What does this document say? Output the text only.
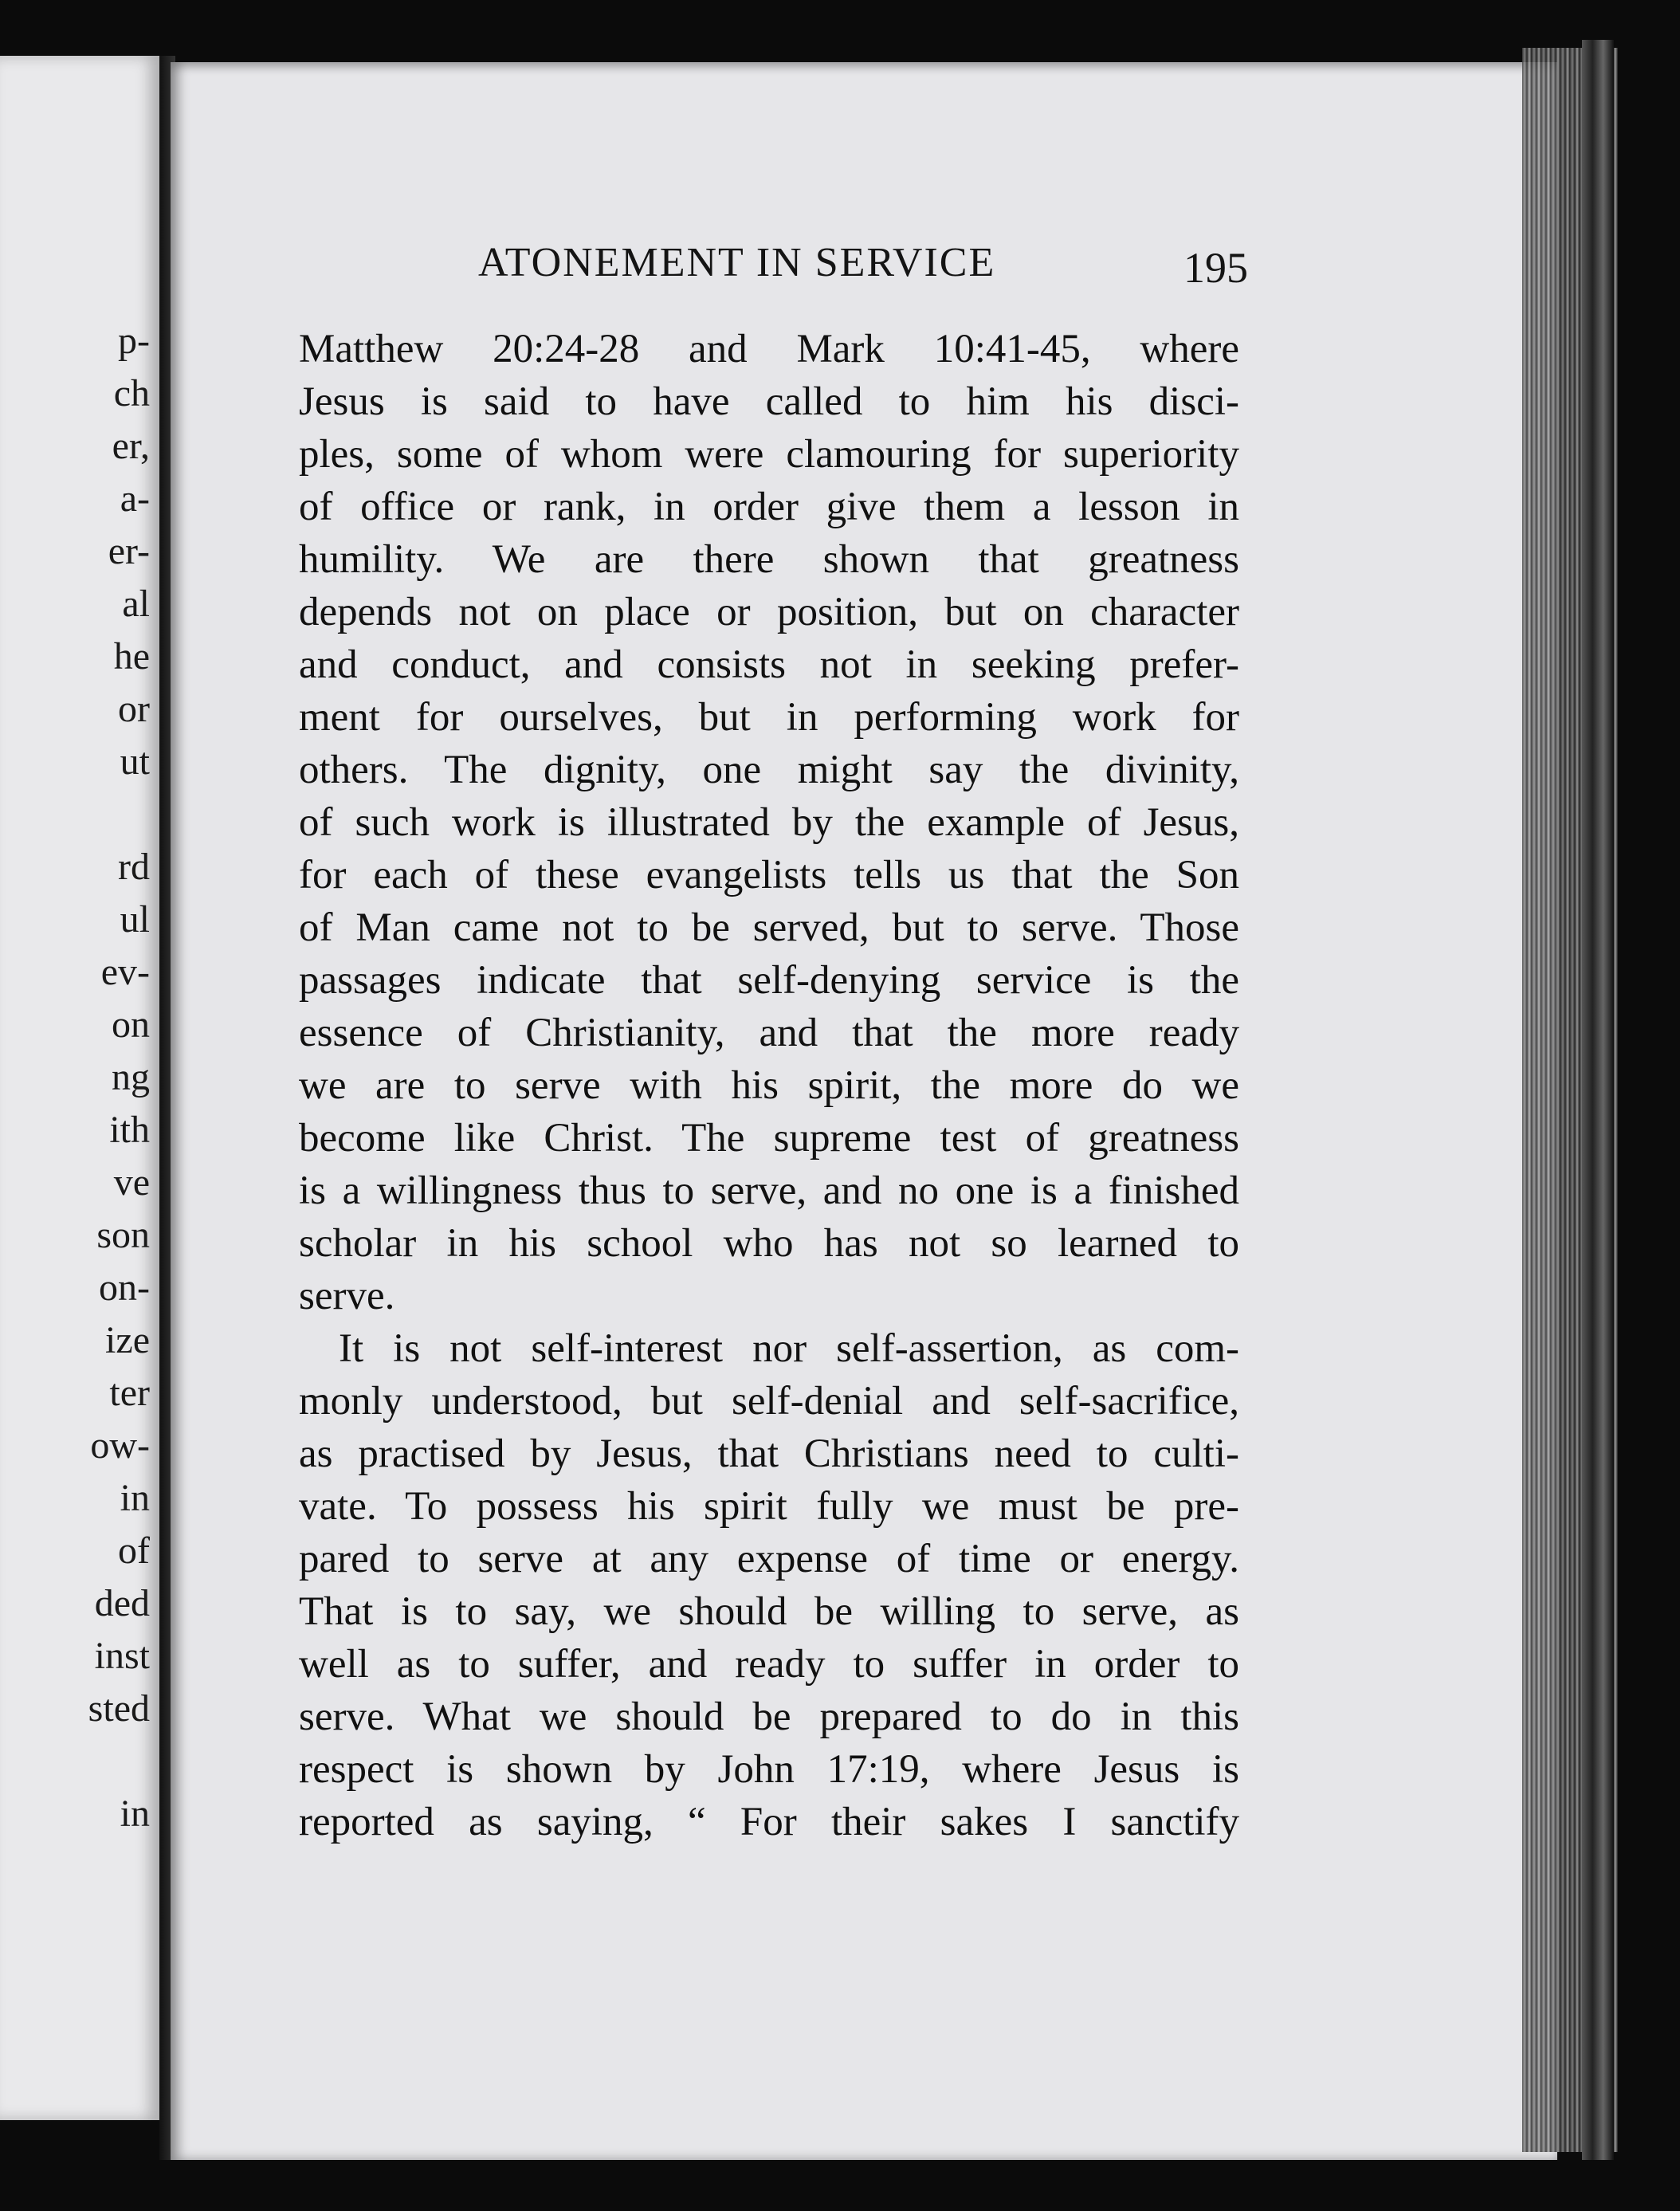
p-
ch
er,
a-
er-
al
he
or
ut
rd
ul
ev-
on
ng
ith
ve
son
on-
ize
ter
ow-
in
of
ded
inst
sted
in
ATONEMENT IN SERVICE	195
Matthew 20:24-28 and Mark 10:41-45, where
Jesus is said to have called to him his disci-
ples, some of whom were clamouring for superiority
of office or rank, in order give them a lesson in
humility. We are there shown that greatness
depends not on place or position, but on character
and conduct, and consists not in seeking prefer-
ment for ourselves, but in performing work for
others. The dignity, one might say the divinity,
of such work is illustrated by the example of Jesus,
for each of these evangelists tells us that the Son
of Man came not to be served, but to serve. Those
passages indicate that self-denying service is the
essence of Christianity, and that the more ready
we are to serve with his spirit, the more do we
become like Christ. The supreme test of greatness
is a willingness thus to serve, and no one is a finished
scholar in his school who has not so learned to
serve.
It is not self-interest nor self-assertion, as com-
monly understood, but self-denial and self-sacrifice,
as practised by Jesus, that Christians need to culti-
vate. To possess his spirit fully we must be pre-
pared to serve at any expense of time or energy.
That is to say, we should be willing to serve, as
well as to suffer, and ready to suffer in order to
serve. What we should be prepared to do in this
respect is shown by John 17:19, where Jesus is
reported as saying, “ For their sakes I sanctify
